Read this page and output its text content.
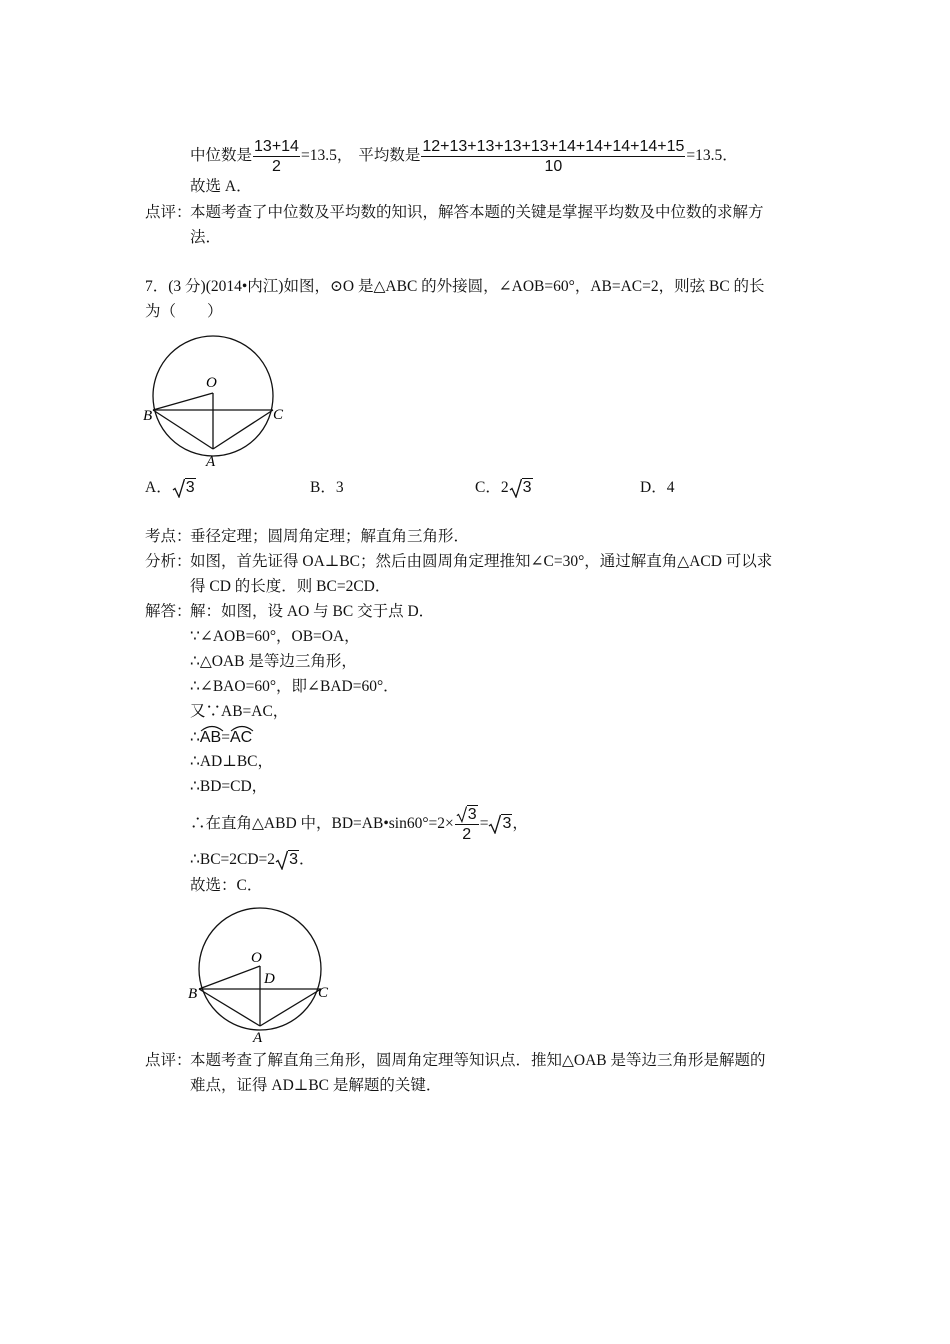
中位数是 $\frac{13+14}{2} =13.5$， 平均数是 $\frac{12+13+13+13+13+14+14+14+14+15}{10} =13.5$．
故选 A．
点评：
本题考查了中位数及平均数的知识，解答本题的关键是掌握平均数及中位数的求解方
法．
7．(3 分)(2014•内江)如图，⊙O 是△ABC 的外接圆，∠AOB=60°，AB=AC=2，则弦 BC 的长
为（　　）
O
B	C
A
A． 3	B．3	C．2 3	D．4
考点：
垂径定理；圆周角定理；解直角三角形．
分析：
如图，首先证得 OA⊥BC；然后由圆周角定理推知∠C=30°，通过解直角△ACD 可以求
得 CD 的长度．则 BC=2CD．
解答：
解：如图，设 AO 与 BC 交于点 D．
∵∠AOB=60°，OB=OA，
∴△OAB 是等边三角形，
∴∠BAO=60°，即∠BAD=60°．
又∵AB=AC，
∴
AB=
AC
∴AD⊥BC，
∴BD=CD，
∴在直角△ABD 中，BD=AB•sin60°=2× $\frac{3}{2} = 3$ ，
∴BC=2CD=2 3 ．
故选：C．
O
D
B	C
A
点评：
本题考查了解直角三角形，圆周角定理等知识点．推知△OAB 是等边三角形是解题的
难点，证得 AD⊥BC 是解题的关键．
